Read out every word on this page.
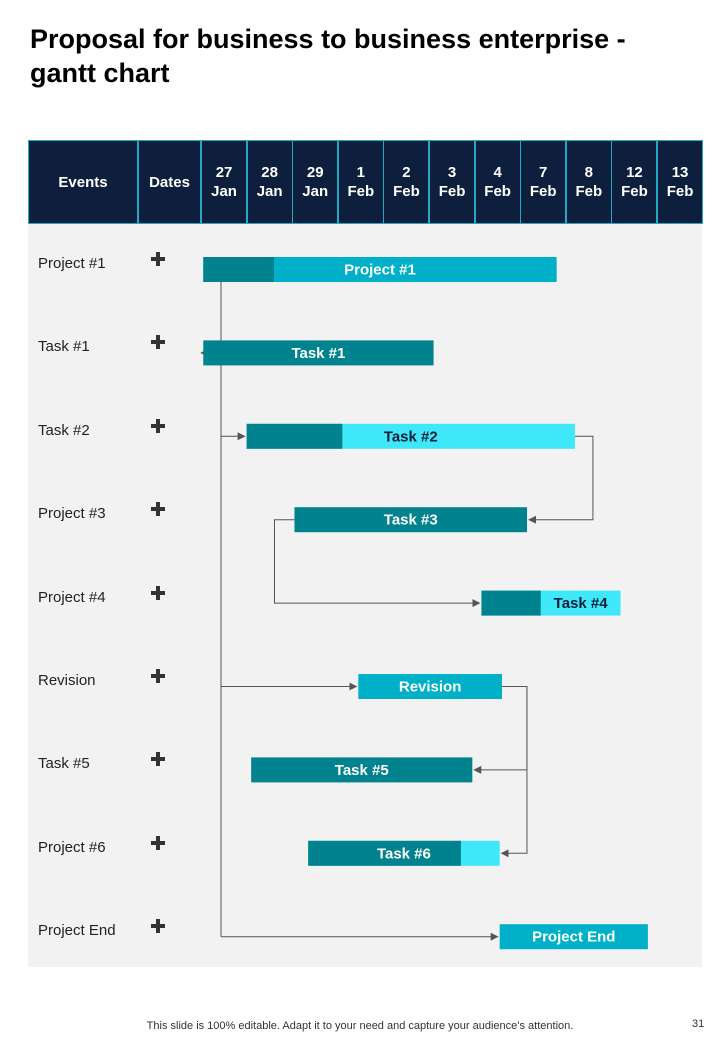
Proposal for business to business enterprise - gantt chart
Events	Dates
27
Jan
28
Jan
29
Jan
1
Feb
2
Feb
3
Feb
4
Feb
7
Feb
8
Feb
12
Feb
13
Feb
Project #1
Task #1
Task #2
Project #3
Project #4
Revision
Task #5
Project #6
Project End
Project #1
Task #1
Task #2
Task #3
Task #4
Revision
Task #5
Task #6
Project End
This slide is 100% editable. Adapt it to your need and capture your audience’s attention.	31
